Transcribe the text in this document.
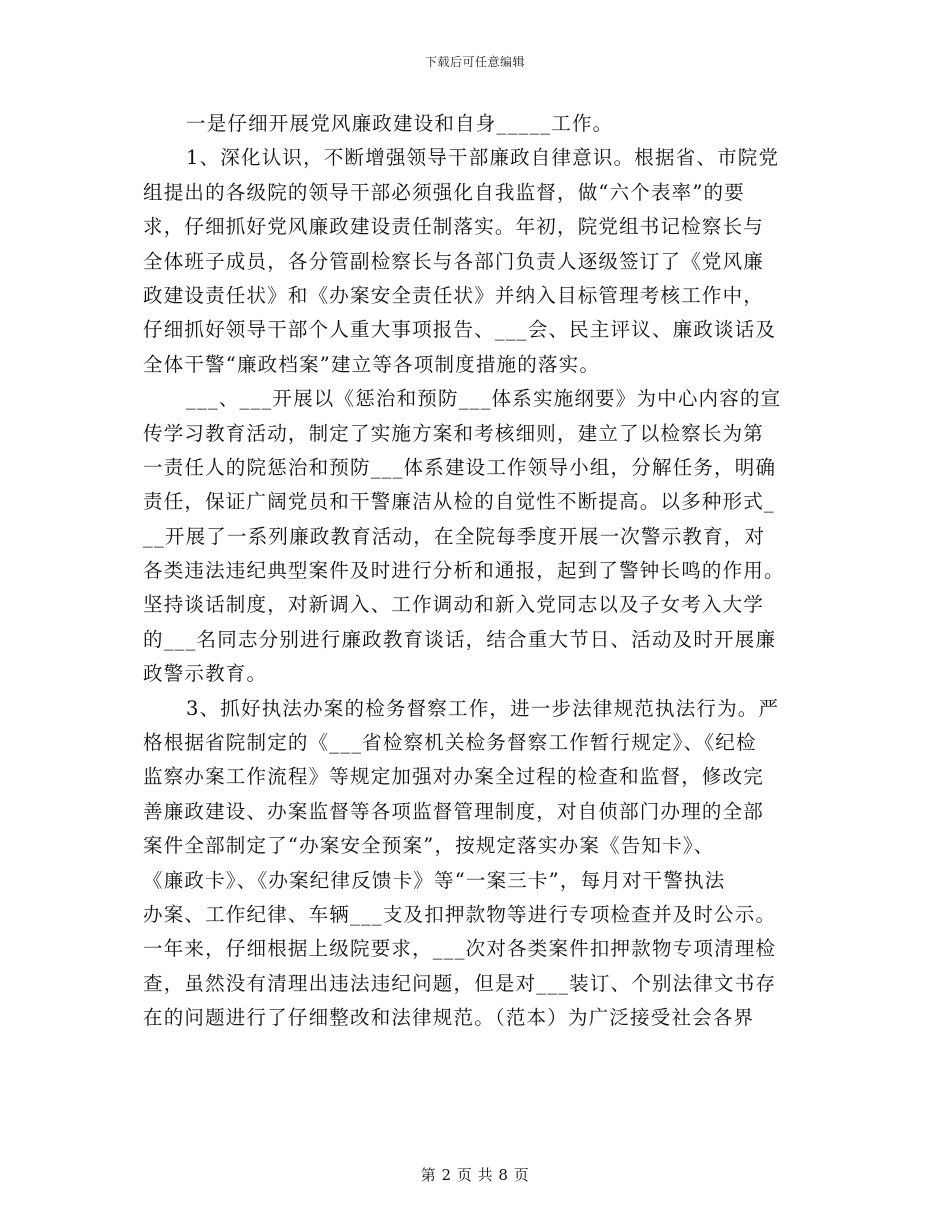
下载后可任意编辑
一是仔细开展党风廉政建设和自身_____工作。
1、深化认识，不断增强领导干部廉政自律意识。根据省、市院党
组提出的各级院的领导干部必须强化自我监督，做“六个表率”的要
求，仔细抓好党风廉政建设责任制落实。年初，院党组书记检察长与
全体班子成员，各分管副检察长与各部门负责人逐级签订了《党风廉
政建设责任状》和《办案安全责任状》并纳入目标管理考核工作中，
仔细抓好领导干部个人重大事项报告、___会、民主评议、廉政谈话及
全体干警“廉政档案”建立等各项制度措施的落实。
___、___开展以《惩治和预防___体系实施纲要》为中心内容的宣
传学习教育活动，制定了实施方案和考核细则，建立了以检察长为第
一责任人的院惩治和预防___体系建设工作领导小组，分解任务，明确
责任，保证广阔党员和干警廉洁从检的自觉性不断提高。以多种形式_
__开展了一系列廉政教育活动，在全院每季度开展一次警示教育，对
各类违法违纪典型案件及时进行分析和通报，起到了警钟长鸣的作用。
坚持谈话制度，对新调入、工作调动和新入党同志以及子女考入大学
的___名同志分别进行廉政教育谈话，结合重大节日、活动及时开展廉
政警示教育。
3、抓好执法办案的检务督察工作，进一步法律规范执法行为。严
格根据省院制定的《___省检察机关检务督察工作暂行规定》、《纪检
监察办案工作流程》等规定加强对办案全过程的检查和监督，修改完
善廉政建设、办案监督等各项监督管理制度，对自侦部门办理的全部
案件全部制定了“办案安全预案”，按规定落实办案《告知卡》、
《廉政卡》、《办案纪律反馈卡》等“一案三卡”，每月对干警执法
办案、工作纪律、车辆___支及扣押款物等进行专项检查并及时公示。
一年来，仔细根据上级院要求，___次对各类案件扣押款物专项清理检
查，虽然没有清理出违法违纪问题，但是对___装订、个别法律文书存
在的问题进行了仔细整改和法律规范。（范本）为广泛接受社会各界
第 2 页 共 8 页
